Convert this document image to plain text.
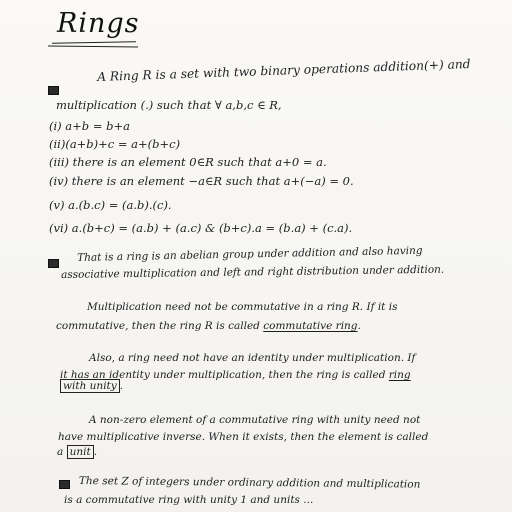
Rings
A Ring R is a set with two binary operations addition(+) and
multiplication (.) such that ∀ a,b,c ∈ R,
(i) a+b = b+a
(ii)(a+b)+c = a+(b+c)
(iii) there is an element 0∈R such that a+0 = a.
(iv) there is an element −a∈R such that a+(−a) = 0.
(v) a.(b.c) = (a.b).(c).
(vi) a.(b+c) = (a.b) + (a.c) & (b+c).a = (b.a) + (c.a).
That is a ring is an abelian group under addition and also having
associative multiplication and left and right distribution under addition.
Multiplication need not be commutative in a ring R. If it is
commutative, then the ring R is called commutative ring.
Also, a ring need not have an identity under multiplication. If
it has an identity under multiplication, then the ring is called ring
with unity .
A non-zero element of a commutative ring with unity need not
have multiplicative inverse. When it exists, then the element is called
a unit .
The set Z of integers under ordinary addition and multiplication
is a commutative ring with unity 1 and units ...
